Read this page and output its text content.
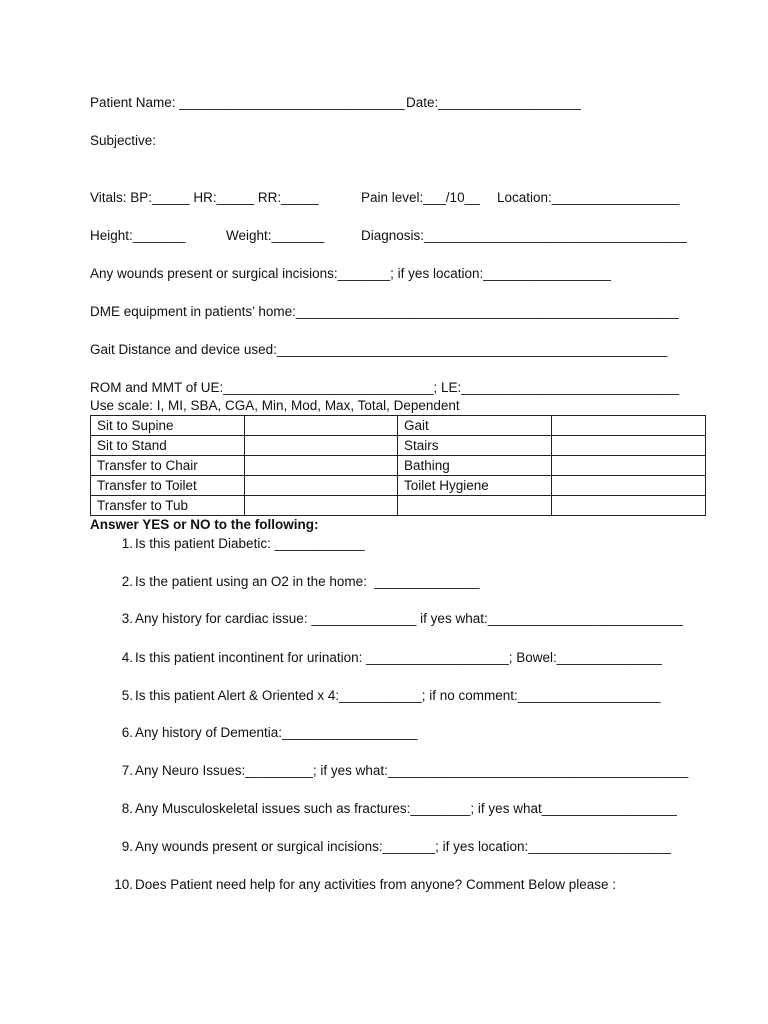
Patient Name: ______________________________ Date:___________________
Subjective:
Vitals: BP:_____ HR:_____ RR:_____	Pain level:___/10__ Location:_________________
Height:_______	Weight:_______	Diagnosis:___________________________________
Any wounds present or surgical incisions:_______; if yes location:_________________
DME equipment in patients’ home:___________________________________________________
Gait Distance and device used:____________________________________________________
ROM and MMT of UE:____________________________; LE:_____________________________
Use scale: I, MI, SBA, CGA, Min, Mod, Max, Total, Dependent
Sit to Supine		Gait	
Sit to Stand		Stairs	
Transfer to Chair		Bathing	
Transfer to Toilet		Toilet Hygiene	
Transfer to Tub			
Answer YES or NO to the following:
1. Is this patient Diabetic: ____________
2. Is the patient using an O2 in the home:  ______________
3. Any history for cardiac issue: ______________ if yes what:__________________________
4. Is this patient incontinent for urination: ___________________; Bowel:______________
5. Is this patient Alert & Oriented x 4:___________; if no comment:___________________
6. Any history of Dementia:__________________
7. Any Neuro Issues:_________; if yes what:________________________________________
8. Any Musculoskeletal issues such as fractures:________; if yes what__________________
9. Any wounds present or surgical incisions:_______; if yes location:___________________
10. Does Patient need help for any activities from anyone? Comment Below please :
